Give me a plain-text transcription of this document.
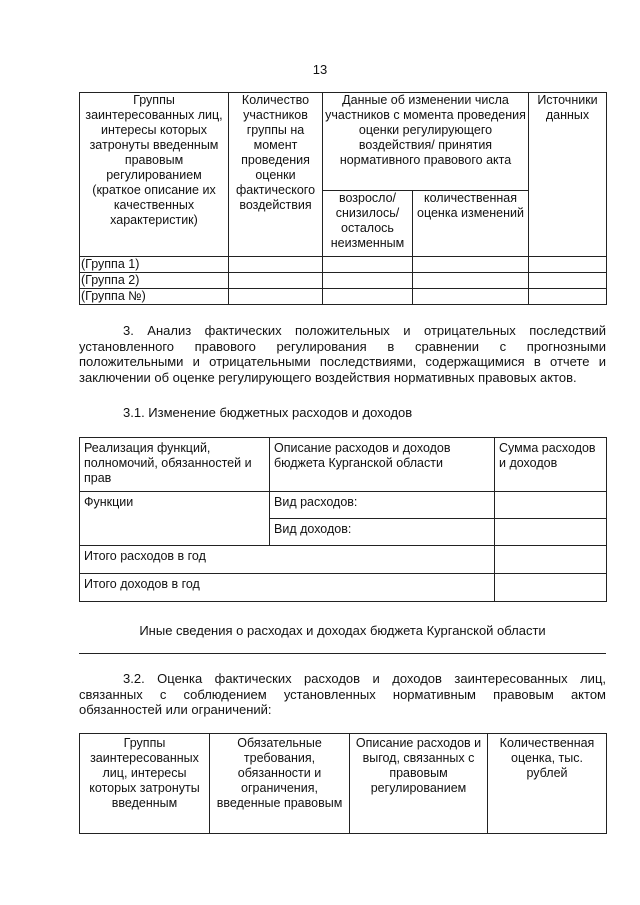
13
Группы заинтересованных лиц, интересы которых затронуты введенным правовым регулированием (краткое описание их качественных характеристик)	Количество участников группы на момент проведения оценки фактического воздействия	Данные об изменении числа участников с момента проведения оценки регулирующего воздействия/ принятия нормативного правового акта		Источники данных
		возросло/ снизилось/ осталось неизменным	количественная оценка изменений	
(Группа 1)				
(Группа 2)				
(Группа №)				
3. Анализ фактических положительных и отрицательных последствий установленного правового регулирования в сравнении с прогнозными положительными и отрицательными последствиями, содержащимися в отчете и заключении об оценке регулирующего воздействия нормативных правовых актов.
3.1. Изменение бюджетных расходов и доходов
Реализация функций, полномочий, обязанностей и прав	Описание расходов и доходов бюджета Курганской области	Сумма расходов и доходов
Функции	Вид расходов:	
	Вид доходов:	
Итого расходов в год		
Итого доходов в год		
Иные сведения о расходах и доходах бюджета Курганской области
3.2. Оценка фактических расходов и доходов заинтересованных лиц, связанных с соблюдением установленных нормативным правовым актом обязанностей или ограничений:
Группы заинтересованных лиц, интересы которых затронуты введенным	Обязательные требования, обязанности и ограничения, введенные правовым	Описание расходов и выгод, связанных с правовым регулированием	Количественная оценка, тыс. рублей
